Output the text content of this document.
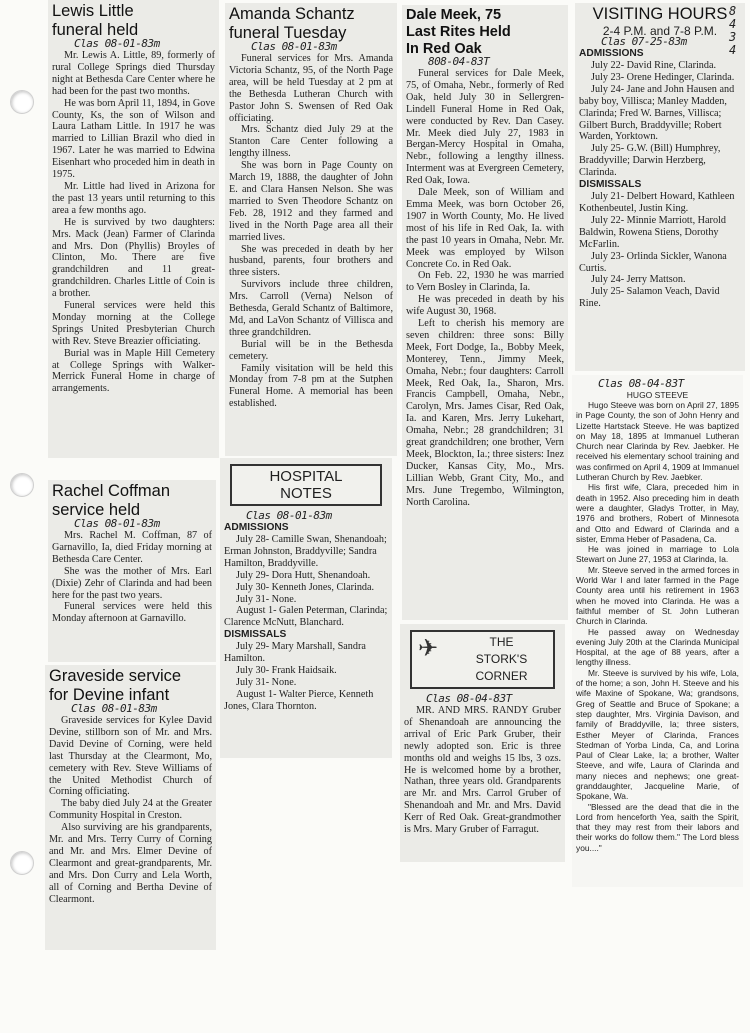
Lewis Little
funeral held
Clas 08-01-83m

Mr. Lewis A. Little, 89, formerly of rural College Springs died Thursday night at Bethesda Care Center where he had been for the past two months.

He was born April 11, 1894, in Gove County, Ks, the son of Wilson and Laura Latham Little. In 1917 he was married to Lillian Brazil who died in 1967. Later he was married to Edwina Eisenhart who proceded him in death in 1975.

Mr. Little had lived in Arizona for the past 13 years until returning to this area a few months ago.

He is survived by two daughters: Mrs. Mack (Jean) Farmer of Clarinda and Mrs. Don (Phyllis) Broyles of Clinton, Mo. There are five grandchildren and 11 great-grandchildren. Charles Little of Coin is a brother.

Funeral services were held this Monday morning at the College Springs United Presbyterian Church with Rev. Steve Breazier officiating.

Burial was in Maple Hill Cemetery at College Springs with Walker-Merrick Funeral Home in charge of arrangements.

Rachel Coffman
service held
Clas 08-01-83m

Mrs. Rachel M. Coffman, 87 of Garnavillo, Ia, died Friday morning at Bethesda Care Center.

She was the mother of Mrs. Earl (Dixie) Zehr of Clarinda and had been here for the past two years.

Funeral services were held this Monday afternoon at Garnavillo.

Graveside service
for Devine infant
Clas 08-01-83m

Graveside services for Kylee David Devine, stillborn son of Mr. and Mrs. David Devine of Corning, were held last Thursday at the Clearmont, Mo, cemetery with Rev. Steve Williams of the United Methodist Church of Corning officiating.

The baby died July 24 at the Greater Community Hospital in Creston.

Also surviving are his grandparents, Mr. and Mrs. Terry Curry of Corning and Mr. and Mrs. Elmer Devine of Clearmont and great-grandparents, Mr. and Mrs. Don Curry and Lela Worth, all of Corning and Bertha Devine of Clearmont.

Amanda Schantz
funeral Tuesday
Clas 08-01-83m

Funeral services for Mrs. Amanda Victoria Schantz, 95, of the North Page area, will be held Tuesday at 2 pm at the Bethesda Lutheran Church with Pastor John S. Swensen of Red Oak officiating.

Mrs. Schantz died July 29 at the Stanton Care Center following a lengthy illness.

She was born in Page County on March 19, 1888, the daughter of John E. and Clara Hansen Nelson. She was married to Sven Theodore Schantz on Feb. 28, 1912 and they farmed and lived in the North Page area all their married lives.

She was preceded in death by her husband, parents, four brothers and three sisters.

Survivors include three children, Mrs. Carroll (Verna) Nelson of Bethesda, Gerald Schantz of Baltimore, Md, and LaVon Schantz of Villisca and three grandchildren.

Burial will be in the Bethesda cemetery.

Family visitation will be held this Monday from 7-8 pm at the Sutphen Funeral Home. A memorial has been established.

HOSPITAL
NOTES
Clas 08-01-83m
ADMISSIONS

July 28- Camille Swan, Shenandoah; Erman Johnston, Braddyville; Sandra Hamilton, Braddyville.

July 29- Dora Hutt, Shenandoah.

July 30- Kenneth Jones, Clarinda.

July 31- None.

August 1- Galen Peterman, Clarinda; Clarence McNutt, Blanchard.

DISMISSALS

July 29- Mary Marshall, Sandra Hamilton.

July 30- Frank Haidsaik.

July 31- None.

August 1- Walter Pierce, Kenneth Jones, Clara Thornton.

Dale Meek, 75
Last Rites Held
In Red Oak
808-04-83T

Funeral services for Dale Meek, 75, of Omaha, Nebr., formerly of Red Oak, held July 30 in Sellergren-Lindell Funeral Home in Red Oak, were conducted by Rev. Dan Casey. Mr. Meek died July 27, 1983 in Bergan-Mercy Hospital in Omaha, Nebr., following a lengthy illness. Interment was at Evergreen Cemetery, Red Oak, Iowa.

Dale Meek, son of William and Emma Meek, was born October 26, 1907 in Worth County, Mo. He lived most of his life in Red Oak, Ia. with the past 10 years in Omaha, Nebr. Mr. Meek was employed by Wilson Concrete Co. in Red Oak.

On Feb. 22, 1930 he was married to Vern Bosley in Clarinda, Ia.

He was preceded in death by his wife August 30, 1968.

Left to cherish his memory are seven children: three sons: Billy Meek, Fort Dodge, Ia., Bobby Meek, Monterey, Tenn., Jimmy Meek, Omaha, Nebr.; four daughters: Carroll Meek, Red Oak, Ia., Sharon, Mrs. Francis Campbell, Omaha, Nebr., Carolyn, Mrs. James Cisar, Red Oak, Ia. and Karen, Mrs. Jerry Lukehart, Omaha, Nebr.; 28 grandchildren; 31 great grandchildren; one brother, Vern Meek, Blockton, Ia.; three sisters: Inez Ducker, Kansas City, Mo., Mrs. Lillian Webb, Grant City, Mo., and Mrs. June Tregembo, Wilmington, North Carolina.

✈	THE
STORK'S
CORNER
Clas 08-04-83T

MR. AND MRS. RANDY Gruber of Shenandoah are announcing the arrival of Eric Park Gruber, their newly adopted son. Eric is three months old and weighs 15 lbs, 3 ozs. He is welcomed home by a brother, Nathan, three years old. Grandparents are Mr. and Mrs. Carrol Gruber of Shenandoah and Mr. and Mrs. David Kerr of Red Oak. Great-grandmother is Mrs. Mary Gruber of Farragut.

VISITING HOURS
2-4 P.M. and 7-8 P.M.
8 4 3 4
Clas 07-25-83m
ADMISSIONS

July 22- David Rine, Clarinda.

July 23- Orene Hedinger, Clarinda.

July 24- Jane and John Hausen and baby boy, Villisca; Manley Madden, Clarinda; Fred W. Barnes, Villisca; Gilbert Burch, Braddyville; Robert Warden, Yorktown.

July 25- G.W. (Bill) Humphrey, Braddyville; Darwin Herzberg, Clarinda.

DISMISSALS

July 21- Delbert Howard, Kathleen Kothenbeutel, Justin King.

July 22- Minnie Marriott, Harold Baldwin, Rowena Stiens, Dorothy McFarlin.

July 23- Orlinda Sickler, Wanona Curtis.

July 24- Jerry Mattson.

July 25- Salamon Veach, David Rine.

Clas 08-04-83T
HUGO STEEVE

Hugo Steeve was born on April 27, 1895 in Page County, the son of John Henry and Lizette Hartstack Steeve. He was baptized on May 18, 1895 at Immanuel Lutheran Church near Clarinda by Rev. Jaebker. He received his elementary school training and was confirmed on April 4, 1909 at Immanuel Lutheran Church by Rev. Jaebker.

His first wife, Clara, preceded him in death in 1952. Also preceding him in death were a daughter, Gladys Trotter, in May, 1976 and brothers, Robert of Minnesota and Otto and Edward of Clarinda and a sister, Emma Heber of Pasadena, Ca.

He was joined in marriage to Lola Stewart on June 27, 1953 at Clarinda, Ia.

Mr. Steeve served in the armed forces in World War I and later farmed in the Page County area until his retirement in 1963 when he moved into Clarinda. He was a faithful member of St. John Lutheran Church in Clarinda.

He passed away on Wednesday evening July 20th at the Clarinda Municipal Hospital, at the age of 88 years, after a lengthy illness.

Mr. Steeve is survived by his wife, Lola, of the home; a son, John H. Steeve and his wife Maxine of Spokane, Wa; grandsons, Greg of Seattle and Bruce of Spokane; a step daughter, Mrs. Virginia Davison, and family of Braddyville, Ia; three sisters, Esther Meyer of Clarinda, Frances Stedman of Yorba Linda, Ca, and Lorina Paul of Clear Lake, Ia; a brother, Walter Steeve, and wife, Laura of Clarinda and many nieces and nephews; one great-granddaughter, Jacqueline Marie, of Spokane, Wa.

"Blessed are the dead that die in the Lord from henceforth Yea, saith the Spirit, that they may rest from their labors and their works do follow them." The Lord bless you...."
